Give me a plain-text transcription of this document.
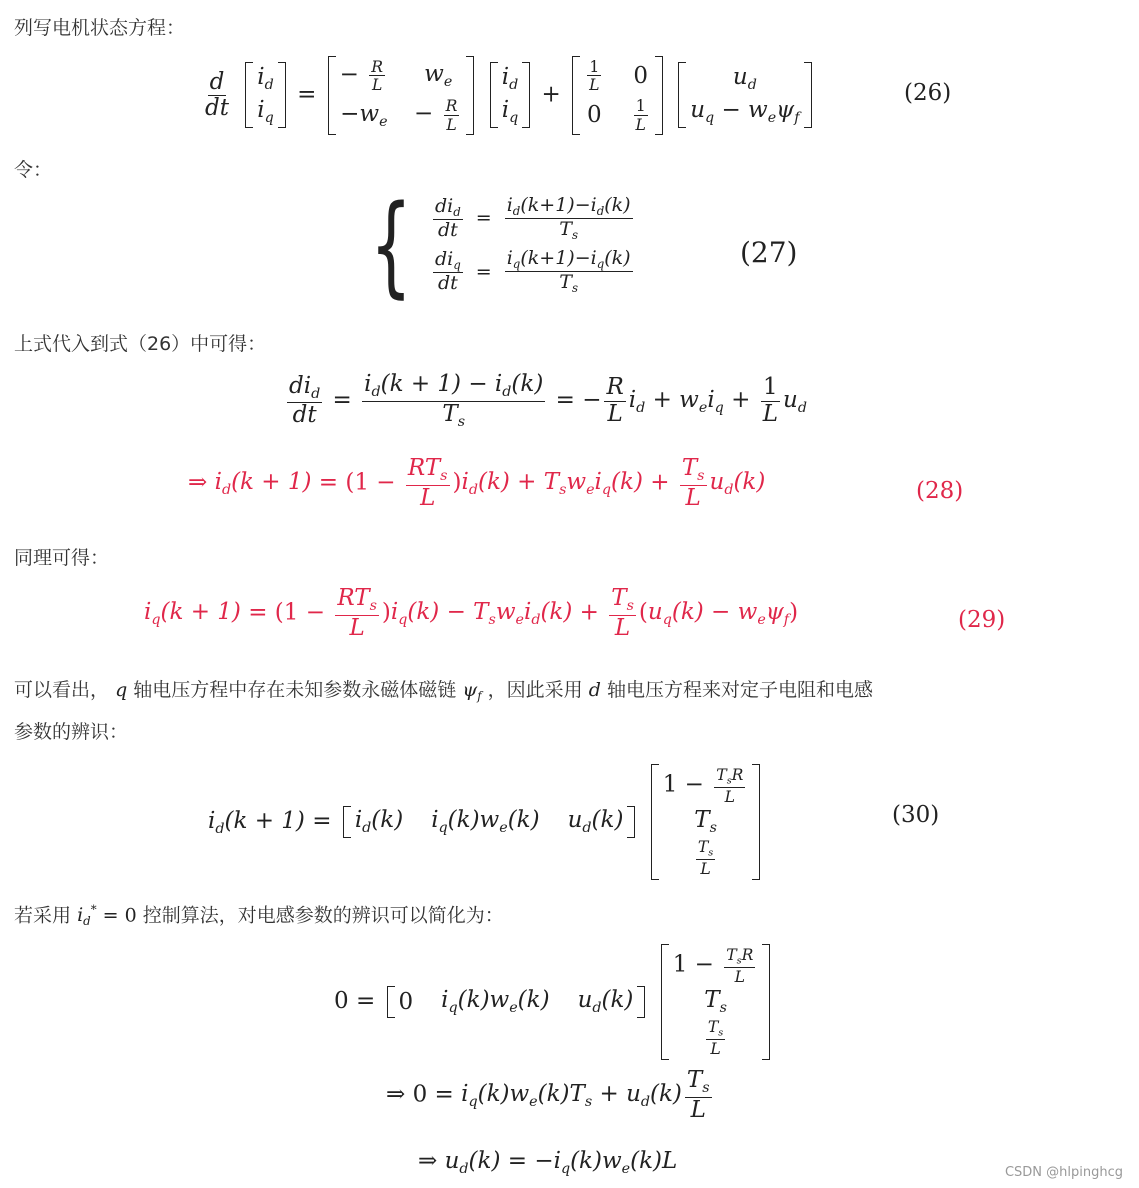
列写电机状态方程：
$\frac{d}{dt}$
$i_d$
$i_q$
=
− $\frac{R}{L} w_e$
$-w_e - \frac{R}{L}$

$i_d$
$i_q$
+
$\frac{1}{L} 0$
$0 \frac{1}{L}$

$u_d$
$u_q - w_e\psi_f$
(26)
令：
{ $\frac{di_d}{dt} = \frac{i_d(k+1)-i_d(k)}{T_s}$
$\frac{di_q}{dt} = \frac{i_q(k+1)-i_q(k)}{T_s}$	(27)
上式代入到式（26）中可得：
$\frac{di_d}{dt} = \frac{i_d(k + 1) - i_d(k)}{T_s}$ = − $\frac{R}{L} i_d + w_ei_q + \frac{1}{L} u_d$
⇒ $i_d(k + 1) = (1 - \frac{RT_s}{L} )i_d(k) + T_sw_ei_q(k) + \frac{T_s}{L} u_d(k)$	(28)
同理可得：
$i_q(k + 1) = (1 - \frac{RT_s}{L} )i_q(k) - T_sw_ei_d(k) + \frac{T_s}{L} (u_q(k) - w_e\psi_f)$	(29)
可以看出， q 轴电压方程中存在未知参数永磁体磁链 $\psi_f$ ，因此采用 d 轴电压方程来对定子电阻和电感
参数的辨识：
$i_d(k + 1) = i_d(k)$ $i_q(k)w_e(k)$ $u_d(k)$

$1 - \frac{T_sR}{L}$
$T_s$
$\frac{T_s}{L}$
(30)
若采用 $i_d^* = 0$ 控制算法，对电感参数的辨识可以简化为：
0 = 0 $i_q(k)w_e(k)$ $u_d(k)$

$1 - \frac{T_sR}{L}$
$T_s$
$\frac{T_s}{L}$
⇒ $0 = i_q(k)w_e(k)T_s + u_d(k) \frac{T_s}{L}$
⇒ $u_d(k) = -i_q(k)w_e(k)L$	CSDN @hlpinghcg
